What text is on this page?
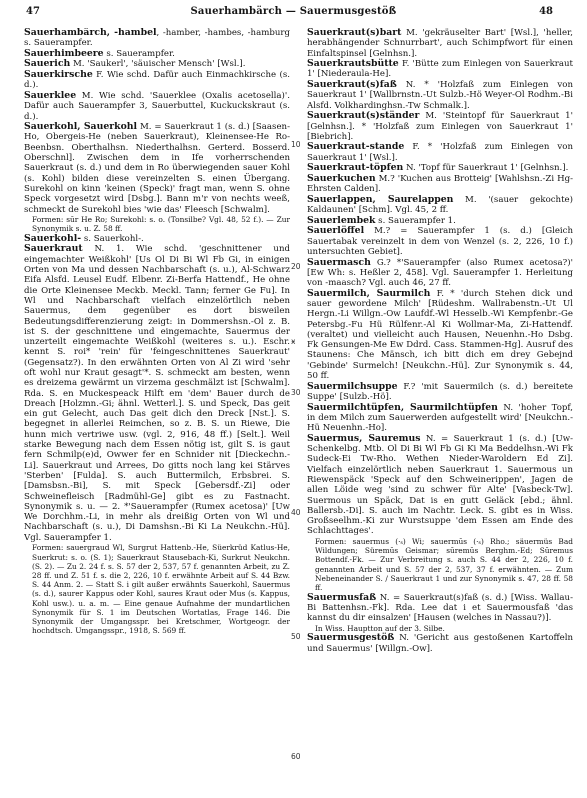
47	Sauerhambärch — Sauermusgestöß	48
10
20
ӿ
30
40
50
60

Sauerhambärch, -hambel, -hamber, -hambes, -hamburg s. Sauerampfer.

Sauerhimbeere s. Sauerampfer.

Sauerich M. 'Saukerl', 'säuischer Mensch' [Wsl.].

Sauerkirsche F. Wie schd. Dafür auch Einmachkirsche (s. d.).

Sauerklee M. Wie schd. 'Sauerklee (Oxalis acetosella)'. Dafür auch Sauerampfer 3, Sauerbuttel, Kuckuckskraut (s. d.).

Sauerkohl, Sauerkohl M. = Sauerkraut 1 (s. d.) [Saasen-Ho, Obergeis-He (neben Sauerkraut), Kleinensee-He Ro-Beenbsn. Oberthalhsn. Niederthalhsn. Gerterd. Bosserd. Oberschnl]. Zwischen dem in Ife vorherrschenden Sauerkraut (s. d.) und dem in Ro überwiegenden sauer Kohl (s. Kohl) bilden diese vereinzelten S. einen Übergang. Surekohl on kinn 'keinen (Speck)' fragt man, wenn S. ohne Speck vorgesetzt wird [Dsbg.]. Bann m'r von nechts weeß, schmeckt de Surekohl bies 'wie das' Fleesch [Schwalm].

Formen: sūr He Ro; Surekohl: s. o. (Tonsilbe? Vgl. 48, 52 f.). — Zur Synonymik s. u. Z. 58 ff.

Sauerkohl- s. Sauerkohl-.

Sauerkraut N. 1. Wie schd. 'geschnittener und eingemachter Weißkohl' [Us Ol Di Bi Wl Fb Gi, in einigen Orten von Ma und dessen Nachbarschaft (s. u.), Al-Schwarz Eifa Alsfd. Leusel Eudf. Elbenr. Zi-Berfa Hattendf., He ohne die Orte Kleinensee Meckb. Meckl. Tann; ferner Ge Fu]. In Wl und Nachbarschaft vielfach einzelörtlich neben Sauermus, dem gegenüber es dort bisweilen Bedeutungsdifferenzierung zeigt: in Dommershsn.-Ol z. B. ist S. der geschnittene und eingemachte, Sauermus der unzerteilt eingemachte Weißkohl (weiteres s. u.). Eschr. kennt S. roi* 'rein' für 'feingeschnittenes Sauerkraut' (Gegensatz?). In den erwähnten Orten von Al Zi wird 'sehr oft wohl nur Kraut gesagt'*. S. schmeckt am besten, wenn es dreizema gewärmt un virzema geschmälzt ist [Schwalm]. Rda. S. en Muckespeack Hilft em 'dem' Bauer durch de Dreach [Holzmn.-Gi; ähnl. Wetterl.]. S. und Speck, Das geit ein gut Gelecht, auch Das geit dich den Dreck [Nst.]. S. begegnet in allerlei Reimchen, so z. B. S. un Riewe, Die hunn mich vertriwe usw. (vgl. 2, 916, 48 ff.) [Selt.]. Weil starke Bewegung nach dem Essen nötig ist, gilt S. is gaut fern Schmilp(e)d, Owwer fer en Schnider nit [Dieckechn.-Li]. Sauerkraut und Arrees, Do gitts noch lang kei Stärves 'Sterben' [Fulda]. S. auch Buttermilch, Erbsbrei. S. [Damsbsn.-Bi], S. mit Speck [Gebersdf.-Zi] oder Schweinefleisch [Radmühl-Ge] gibt es zu Fastnacht. Synonymik s. u. — 2. *'Sauerampfer (Rumex acetosa)' [Uw We Dorchhm.-Li, in mehr als dreißig Orten von Wl und Nachbarschaft (s. u.), Di Damshsn.-Bi Ki La Neukchn.-Hü]. Vgl. Sauerampfer 1.

Formen: sauergraud Wl, Surgrut Hattenb.-He, Süerkrüd Katlus-He, Suerkrut: s. o. (S. 1); Sauerkraut Stausebach-Ki, Surkrut Neukchn. (S. 2). — Zu 2. 24 f. s. S. 57 der 2, 537, 57 f. genannten Arbeit, zu Z. 28 ff. und Z. 51 f. s. die 2, 226, 10 f. erwähnte Arbeit auf S. 44 Bzw. S. 44 Anm. 2. — Statt S. i gilt außer erwähnts Sauerkohl, Sauermus (s. d.), saurer Kappus oder Kohl, saures Kraut oder Mus (s. Kappus, Kohl usw.). u. a. m. — Eine genaue Aufnahme der mundartlichen Synonymik für S. 1 im Deutschen Wortatlas, Frage 146. Die Synonymik der Umgangsspr. bei Kretschmer, Wortgeogr. der hochdtsch. Umgangsspr., 1918, S. 569 ff.

Sauerkraut(s)bart M. 'gekräuselter Bart' [Wsl.], 'heller, herabhängender Schnurrbart', auch Schimpfwort für einen Einfaltspinsel [Gelnhsn.].

Sauerkrautsbütte F. 'Bütte zum Einlegen von Sauerkraut 1' [Niederaula-He].

Sauerkraut(s)faß N. * 'Holzfaß zum Einlegen von Sauerkraut 1' [Wallbrnstn.-Ut Sulzb.-Hö Weyer-Ol Rodhm.-Bi Alsfd. Volkhardinghsn.-Tw Schmalk.].

Sauerkraut(s)ständer M. 'Steintopf für Sauerkraut 1' [Gelnhsn.]. * 'Holzfaß zum Einlegen von Sauerkraut 1' [Biebrich].

Sauerkraut-stande F. * 'Holzfaß zum Einlegen von Sauerkraut 1' [Wsl.].

Sauerkraut-töpfen N. 'Topf für Sauerkraut 1' [Gelnhsn.].

Sauerkuchen M.? 'Kuchen aus Brotteig' [Wahlshsn.-Zi Hg-Ehrsten Calden].

Sauerlappen, Saurelappen M. '(sauer gekochte) Kaldaunen' [Schm]. Vgl. 45, 2 ff.

Sauerlembek s. Sauerampfer 1.

Sauerlöffel M.? = Sauerampfer 1 (s. d.) [Gleich Sauertabak vereinzelt in dem von Wenzel (s. 2, 226, 10 f.) untersuchten Gebiet].

Sauermasch G.? *'Sauerampfer (also Rumex acetosa?)' [Ew Wh: s. Heßler 2, 458]. Vgl. Sauerampfer 1. Herleitung von -maasch? Vgl. auch 46, 27 ff.

Sauermilch, Saurmilch F. * 'durch Stehen dick und sauer gewordene Milch' [Rüdeshm. Wallrabenstn.-Ut Ul Hergn.-Li Willgn.-Ow Laufdf.-Wl Hesselb.-Wi Kempfenbr.-Ge Petersbg.-Fu Hü Rülfenr.-Al Ki Wollmar-Ma, Zi-Hattendf. (veraltet) und vielleicht auch Hausen, Neuenhn.-Ho Dsbg. Fk Gensungen-Me Ew Ddrd. Cass. Stammen-Hg]. Ausruf des Staunens: Che Mänsch, ich bitt dich em drey Gebejnd 'Gebinde' Surmelch! [Neukchn.-Hü]. Zur Synonymik s. 44, 50 ff.

Sauermilchsuppe F.? 'mit Sauermilch (s. d.) bereitete Suppe' [Sulzb.-Hö].

Sauermilchtüpfen, Saurmilchtüpfen N. 'hoher Topf, in dem Milch zum Sauerwerden aufgestellt wird' [Neukchn.-Hü Neuenhn.-Ho].

Sauermus, Sauremus N. = Sauerkraut 1 (s. d.) [Uw-Schenkelbg. Mtb. Ol Di Bi Wl Fb Gi Ki Ma Beddelhsn.-Wi Fk Sudeck-Ei Tw-Rho. Wethen Nieder-Waroldern Ed Zi]. Vielfach einzelörtlich neben Sauerkraut 1. Sauermous un Riewenspäck 'Speck auf den Schweinerippen', Jagen de allen Löide weg 'sind zu schwer für Alte' [Vasbeck-Tw]. Suermous un Späck, Dat is en gutt Geläck [ebd.; ähnl. Ballersb.-Di]. S. auch im Nachtr. Leck. S. gibt es in Wiss. Großseelhm.-Ki zur Wurstsuppe 'dem Essen am Ende des Schlachttages'.

Formen: sauermus (·ₛ) Wi; sauermūs (·ₛ) Rho.; säuermüs Bad Wildungen; Süremūs Geismar; sūremūs Berghm.-Ed; Sūremus Bottendf.-Fk. — Zur Verbreitung s. auch S. 44 der 2, 226, 10 f. genannten Arbeit und S. 57 der 2, 537, 37 f. erwähnten. — Zum Nebeneinander S. / Sauerkraut 1 und zur Synonymik s. 47, 28 ff. 58 ff.

Sauermusfaß N. = Sauerkraut(s)faß (s. d.) [Wiss. Wallau-Bi Battenhsn.-Fk]. Rda. Lee dat i et Sauermousfaß 'das kannst du dir einsalzen' [Hausen (welches in Nassau?)].

In Wiss. Hauptton auf der 3. Silbe.

Sauermusgestöß N. 'Gericht aus gestoßenen Kartoffeln und Sauermus' [Willgn.-Ow].
